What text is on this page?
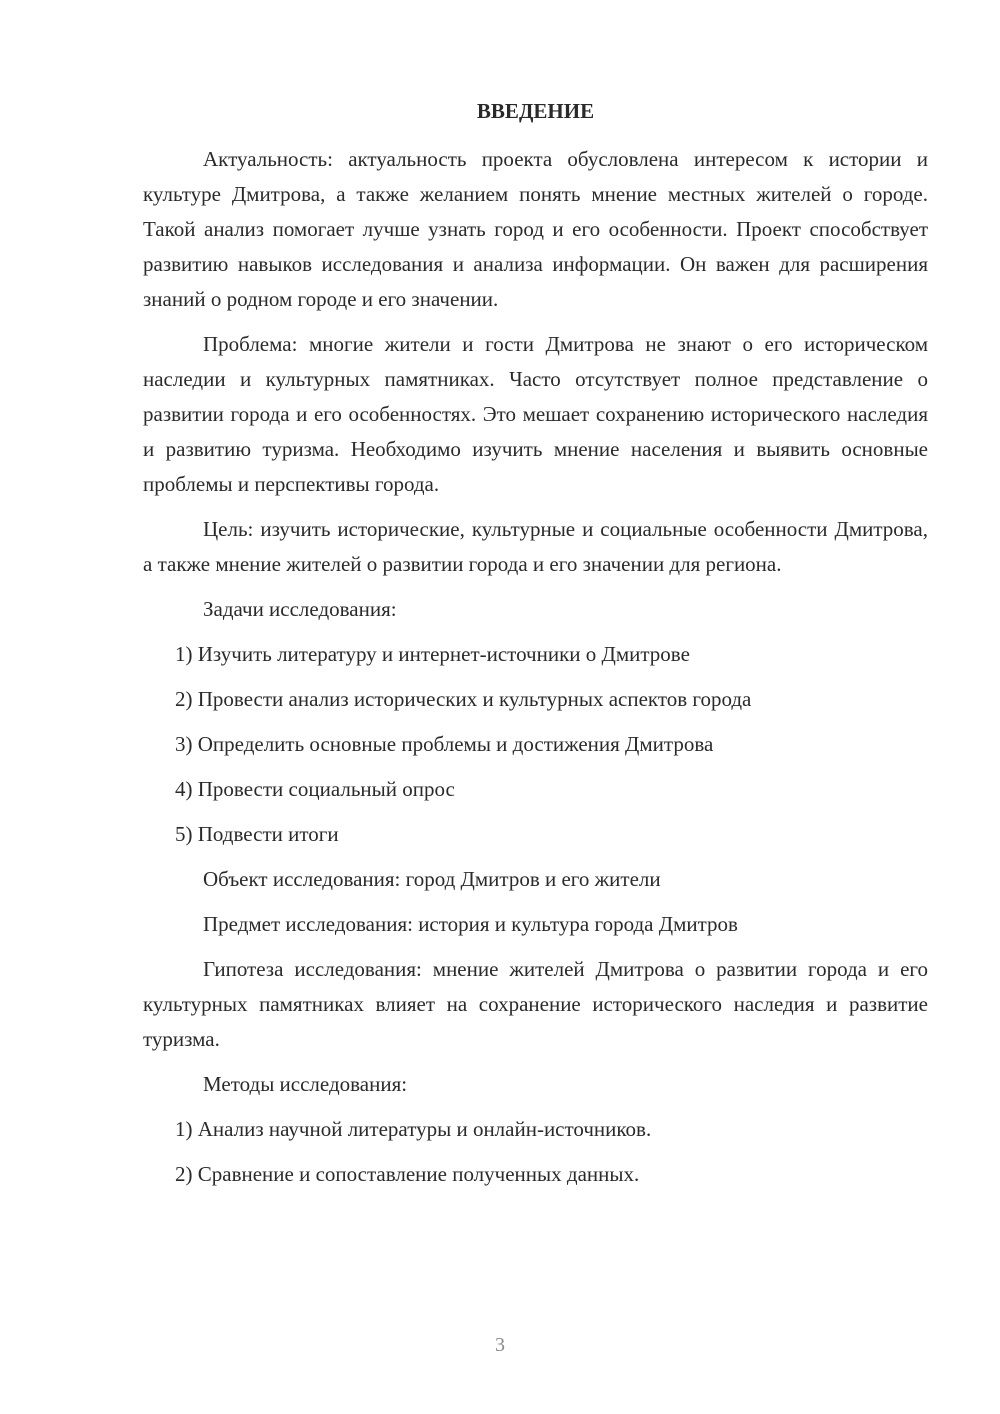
ВВЕДЕНИЕ

Актуальность: актуальность проекта обусловлена интересом к истории и культуре Дмитрова, а также желанием понять мнение местных жителей о городе. Такой анализ помогает лучше узнать город и его особенности. Проект способствует развитию навыков исследования и анализа информации. Он важен для расширения знаний о родном городе и его значении.

Проблема: многие жители и гости Дмитрова не знают о его историческом наследии и культурных памятниках. Часто отсутствует полное представление о развитии города и его особенностях. Это мешает сохранению исторического наследия и развитию туризма. Необходимо изучить мнение населения и выявить основные проблемы и перспективы города.

Цель: изучить исторические, культурные и социальные особенности Дмитрова, а также мнение жителей о развитии города и его значении для региона.

Задачи исследования:
1) Изучить литературу и интернет-источники о Дмитрове
2) Провести анализ исторических и культурных аспектов города
3) Определить основные проблемы и достижения Дмитрова
4) Провести социальный опрос
5) Подвести итоги
Объект исследования: город Дмитров и его жители
Предмет исследования: история и культура города Дмитров

Гипотеза исследования: мнение жителей Дмитрова о развитии города и его культурных памятниках влияет на сохранение исторического наследия и развитие туризма.

Методы исследования:
1) Анализ научной литературы и онлайн-источников.
2) Сравнение и сопоставление полученных данных.
3
